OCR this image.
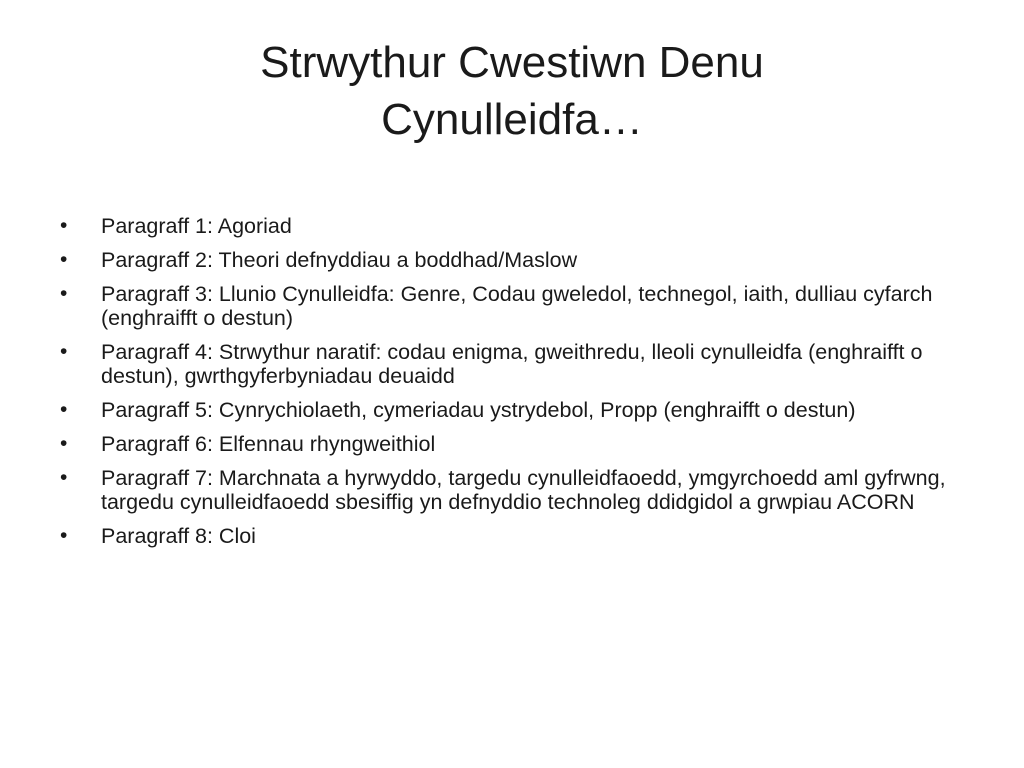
Strwythur Cwestiwn Denu
Cynulleidfa…
•	Paragraff 1: Agoriad
•	Paragraff 2: Theori defnyddiau a boddhad/Maslow
•	Paragraff 3: Llunio Cynulleidfa: Genre, Codau gweledol, technegol, iaith, dulliau cyfarch (enghraifft o destun)
•	Paragraff 4: Strwythur naratif: codau enigma, gweithredu, lleoli cynulleidfa (enghraifft o destun), gwrthgyferbyniadau deuaidd
•	Paragraff 5: Cynrychiolaeth, cymeriadau ystrydebol, Propp (enghraifft o destun)
•	Paragraff 6: Elfennau rhyngweithiol
•	Paragraff 7: Marchnata a hyrwyddo, targedu cynulleidfaoedd, ymgyrchoedd aml gyfrwng, targedu cynulleidfaoedd sbesiffig yn defnyddio technoleg ddidgidol a grwpiau ACORN
•	Paragraff 8: Cloi
